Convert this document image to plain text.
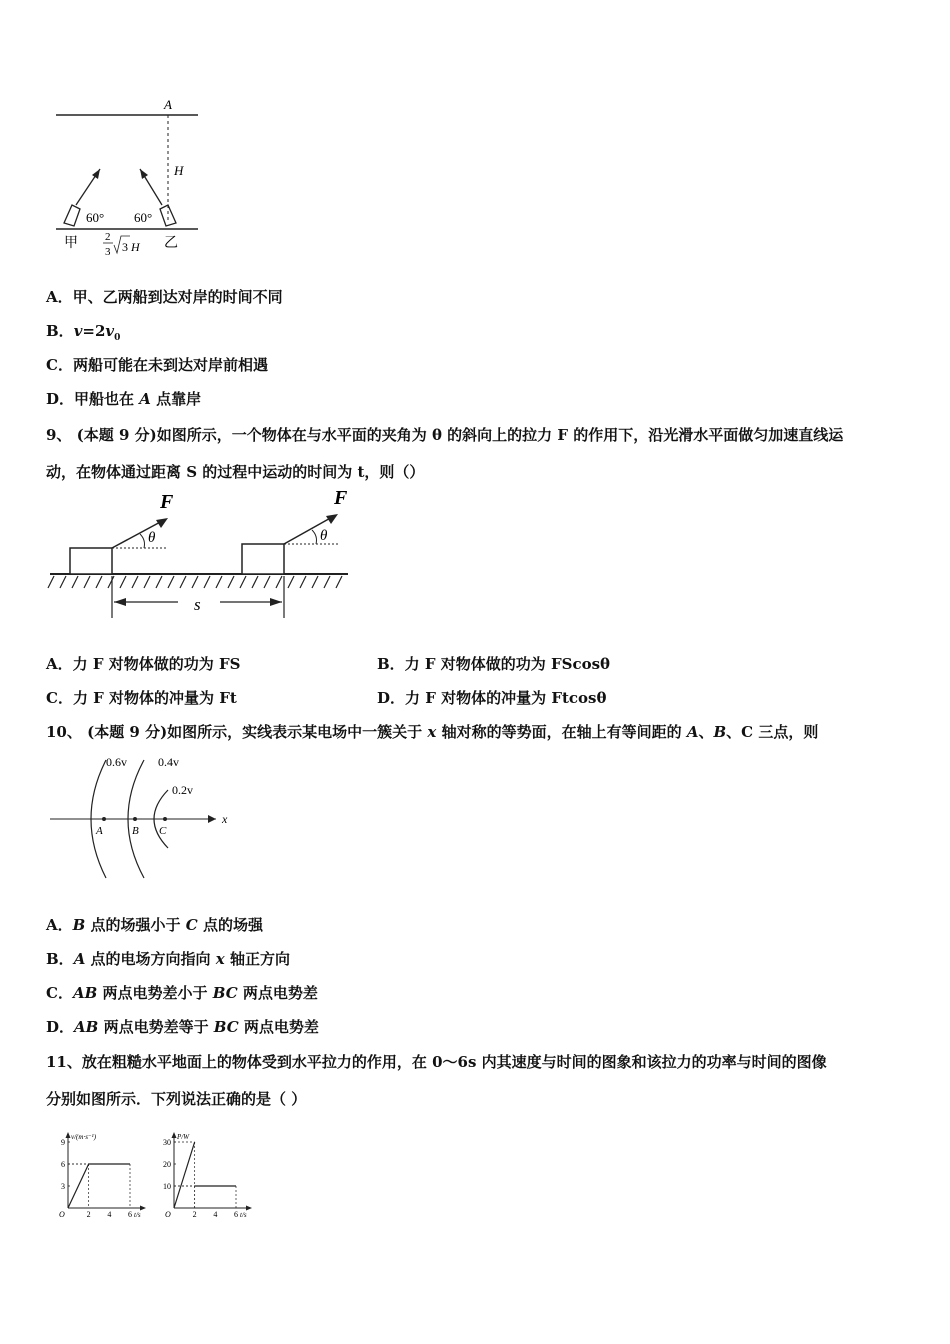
A
H
60° 60°
甲	乙
2
3 3 H
A．甲、乙两船到达对岸的时间不同
B．$v=2v_0$
C．两船可能在未到达对岸前相遇
D．甲船也在 A 点靠岸
9、 (本题 9 分)如图所示，一个物体在与水平面的夹角为 θ 的斜向上的拉力 F 的作用下，沿光滑水平面做匀加速直线运
动，在物体通过距离 S 的过程中运动的时间为 t，则（）
F
θ
F
θ
s
A．力 F 对物体做的功为 FS	B．力 F 对物体做的功为 FScosθ
C．力 F 对物体的冲量为 Ft	D．力 F 对物体的冲量为 Ftcosθ
10、 (本题 9 分)如图所示，实线表示某电场中一簇关于 x 轴对称的等势面，在轴上有等间距的 A、B、C 三点，则
x
0.6v	0.4v
0.2v
A	B C
A．B 点的场强小于 C 点的场强
B．A 点的电场方向指向 x 轴正方向
C．AB 两点电势差小于 BC 两点电势差
D．AB 两点电势差等于 BC 两点电势差
11、放在粗糙水平地面上的物体受到水平拉力的作用，在 0～6s 内其速度与时间的图象和该拉力的功率与时间的图像
分别如图所示．下列说法正确的是（ ）
v/(m·s⁻¹)
t/s
O	2 4 6
3
6
9
P/W
t/s
O	2 4 6
10
20
30
